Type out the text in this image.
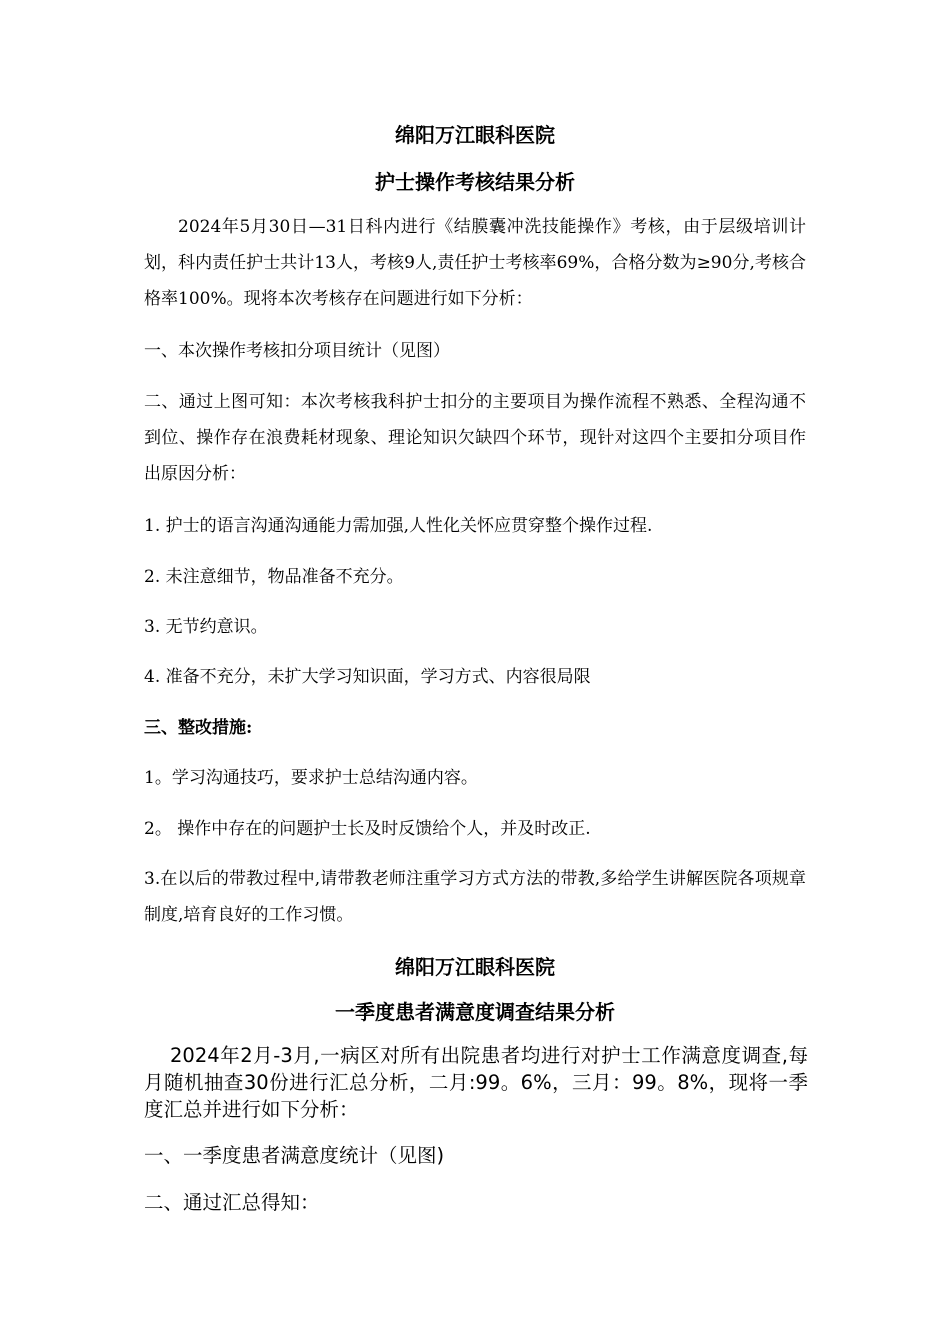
绵阳万江眼科医院
护士操作考核结果分析
2024年5月30日—31日科内进行《结膜囊冲洗技能操作》考核，由于层级培训计划，科内责任护士共计13人，考核9人,责任护士考核率69%，合格分数为≥90分,考核合格率100%。现将本次考核存在问题进行如下分析：
一、本次操作考核扣分项目统计（见图）
二、通过上图可知：本次考核我科护士扣分的主要项目为操作流程不熟悉、全程沟通不到位、操作存在浪费耗材现象、理论知识欠缺四个环节，现针对这四个主要扣分项目作出原因分析：
1. 护士的语言沟通沟通能力需加强,人性化关怀应贯穿整个操作过程.
2. 未注意细节，物品准备不充分。
3. 无节约意识。
4. 准备不充分，未扩大学习知识面，学习方式、内容很局限
三、整改措施:
1。学习沟通技巧，要求护士总结沟通内容。
2。 操作中存在的问题护士长及时反馈给个人，并及时改正.
3.在以后的带教过程中,请带教老师注重学习方式方法的带教,多给学生讲解医院各项规章制度,培育良好的工作习惯。
绵阳万江眼科医院
一季度患者满意度调查结果分析
2024年2月-3月,一病区对所有出院患者均进行对护士工作满意度调查,每月随机抽查30份进行汇总分析，二月:99。6%，三月：99。8%，现将一季度汇总并进行如下分析：
一、一季度患者满意度统计（见图)
二、通过汇总得知：
